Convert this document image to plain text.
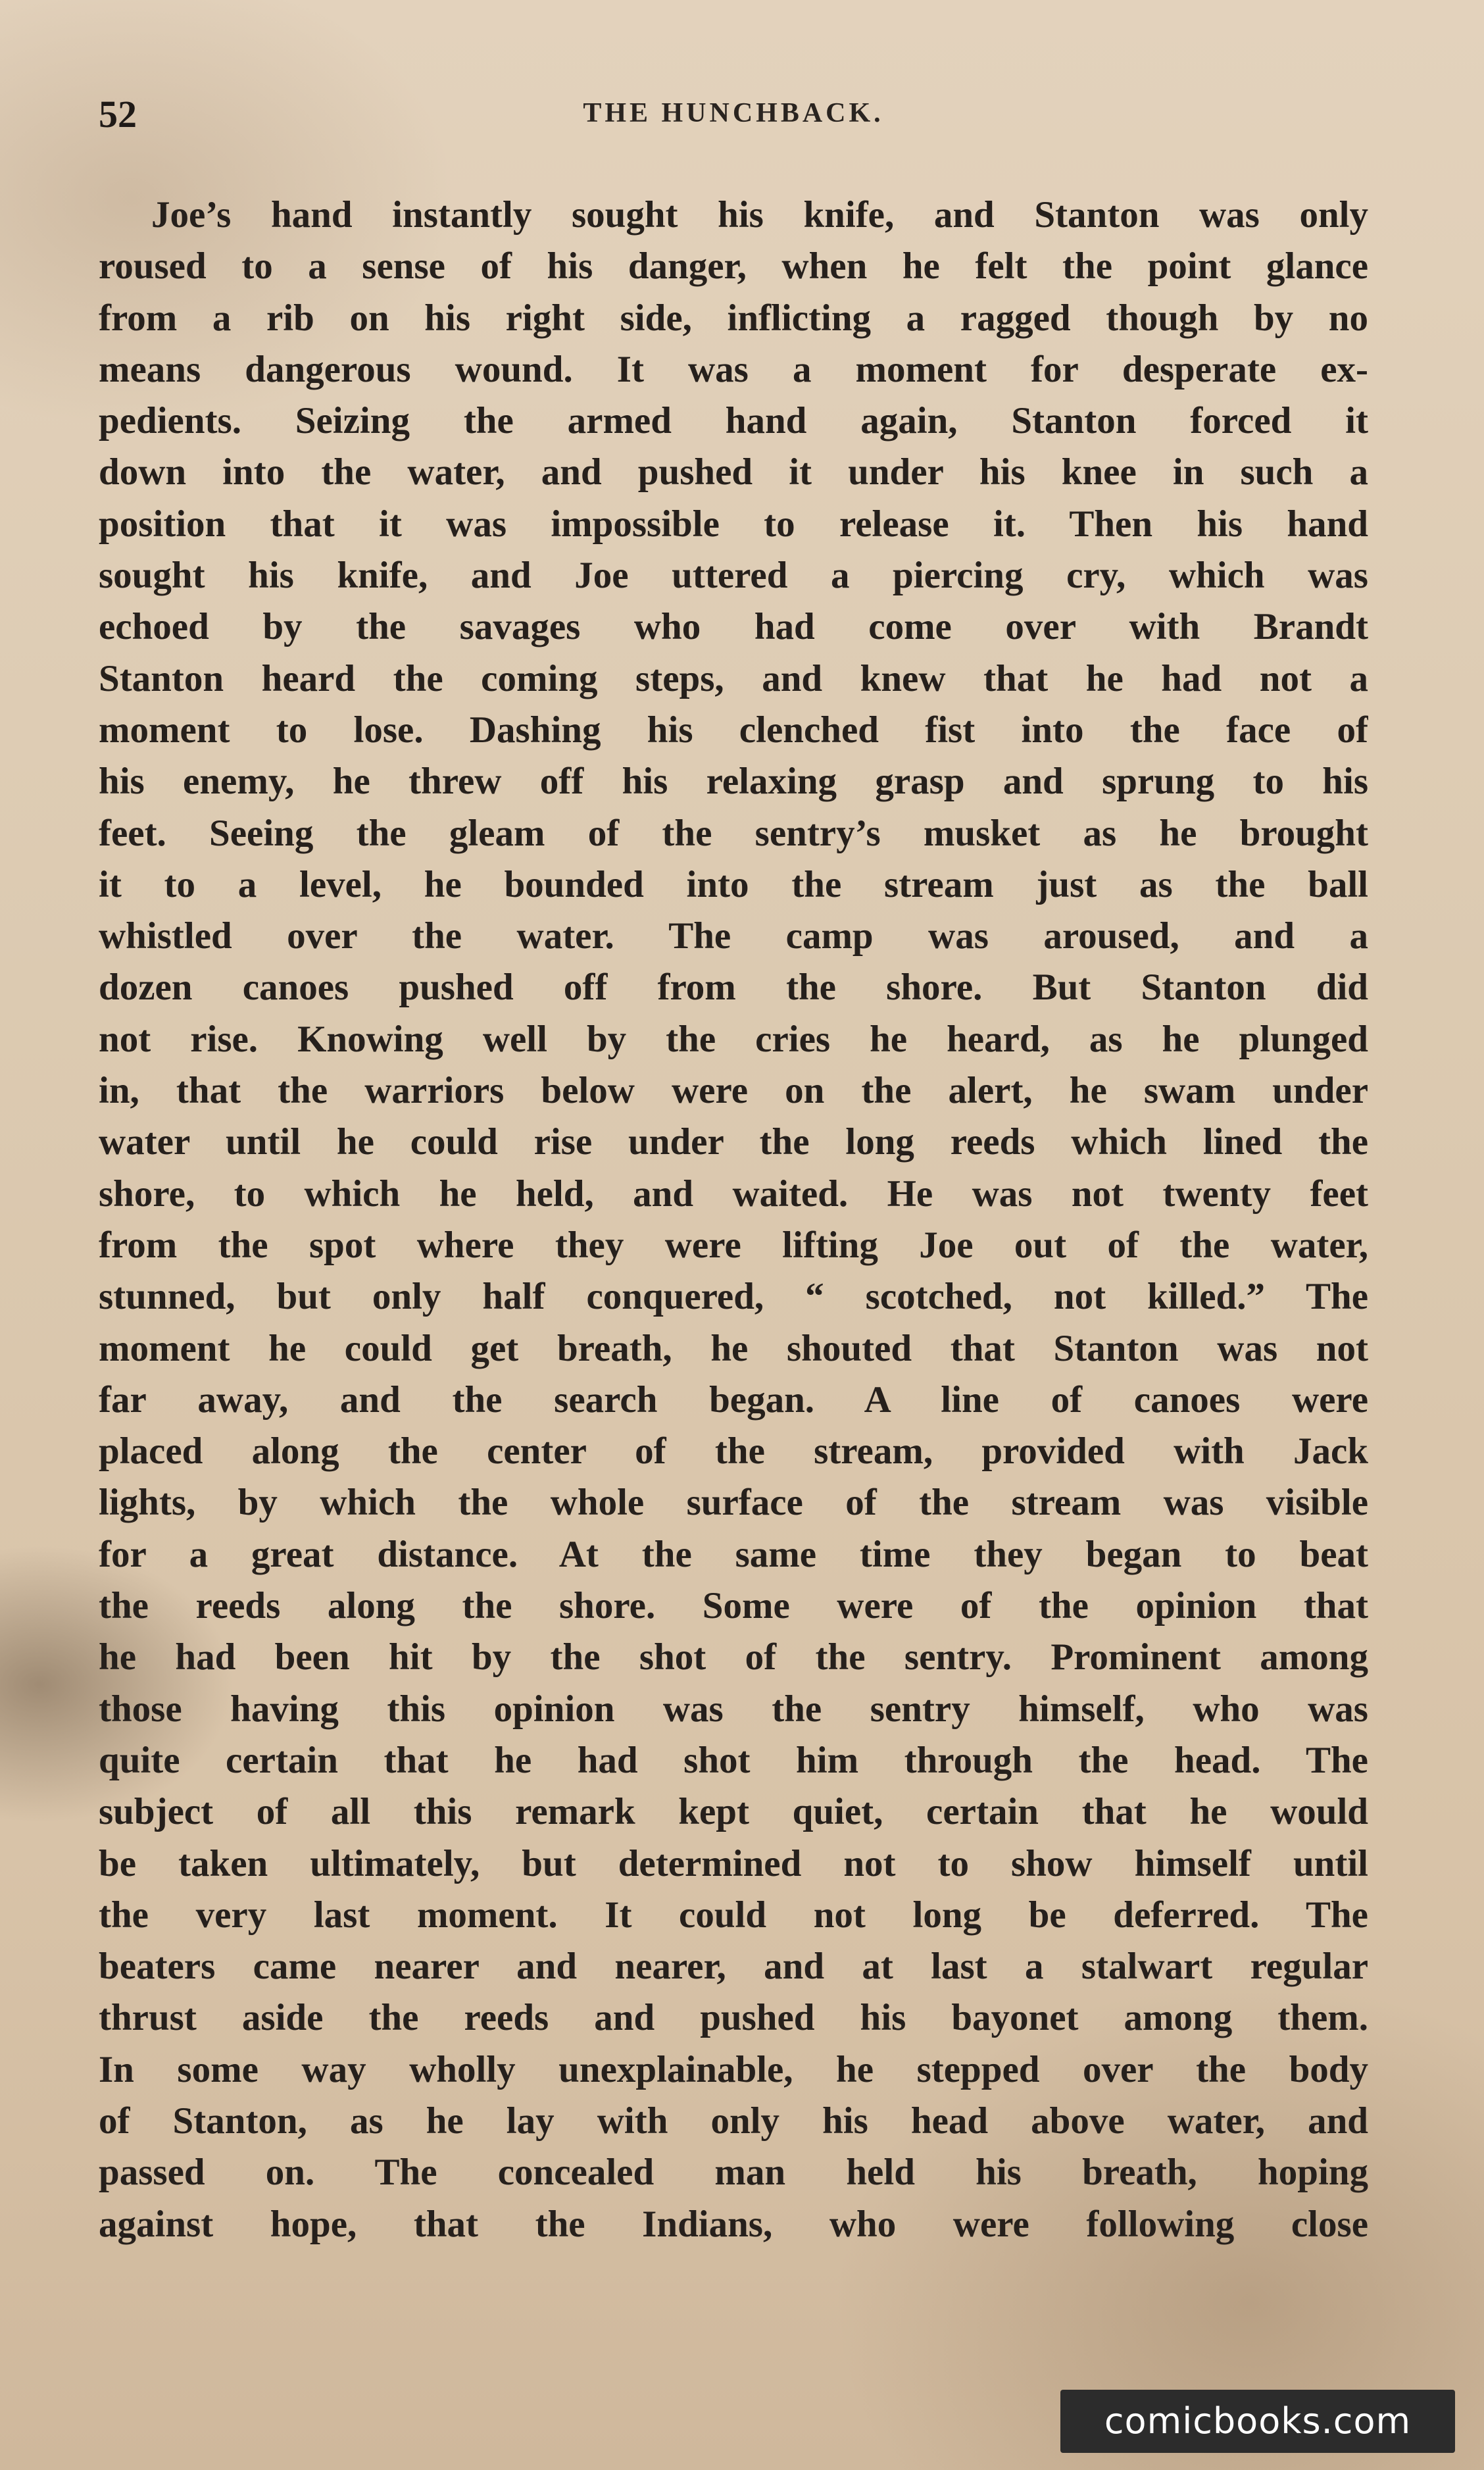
52	THE HUNCHBACK.
Joe’s hand instantly sought his knife, and Stanton was only
roused to a sense of his danger, when he felt the point glance
from a rib on his right side, inflicting a ragged though by no
means dangerous wound. It was a moment for desperate ex-
pedients. Seizing the armed hand again, Stanton forced it
down into the water, and pushed it under his knee in such a
position that it was impossible to release it. Then his hand
sought his knife, and Joe uttered a piercing cry, which was
echoed by the savages who had come over with Brandt
Stanton heard the coming steps, and knew that he had not a
moment to lose. Dashing his clenched fist into the face of
his enemy, he threw off his relaxing grasp and sprung to his
feet. Seeing the gleam of the sentry’s musket as he brought
it to a level, he bounded into the stream just as the ball
whistled over the water. The camp was aroused, and a
dozen canoes pushed off from the shore. But Stanton did
not rise. Knowing well by the cries he heard, as he plunged
in, that the warriors below were on the alert, he swam under
water until he could rise under the long reeds which lined the
shore, to which he held, and waited. He was not twenty feet
from the spot where they were lifting Joe out of the water,
stunned, but only half conquered, “ scotched, not killed.” The
moment he could get breath, he shouted that Stanton was not
far away, and the search began. A line of canoes were
placed along the center of the stream, provided with Jack
lights, by which the whole surface of the stream was visible
for a great distance. At the same time they began to beat
the reeds along the shore. Some were of the opinion that
he had been hit by the shot of the sentry. Prominent among
those having this opinion was the sentry himself, who was
quite certain that he had shot him through the head. The
subject of all this remark kept quiet, certain that he would
be taken ultimately, but determined not to show himself until
the very last moment. It could not long be deferred. The
beaters came nearer and nearer, and at last a stalwart regular
thrust aside the reeds and pushed his bayonet among them.
In some way wholly unexplainable, he stepped over the body
of Stanton, as he lay with only his head above water, and
passed on. The concealed man held his breath, hoping
against hope, that the Indians, who were following close
comicbooks.com
